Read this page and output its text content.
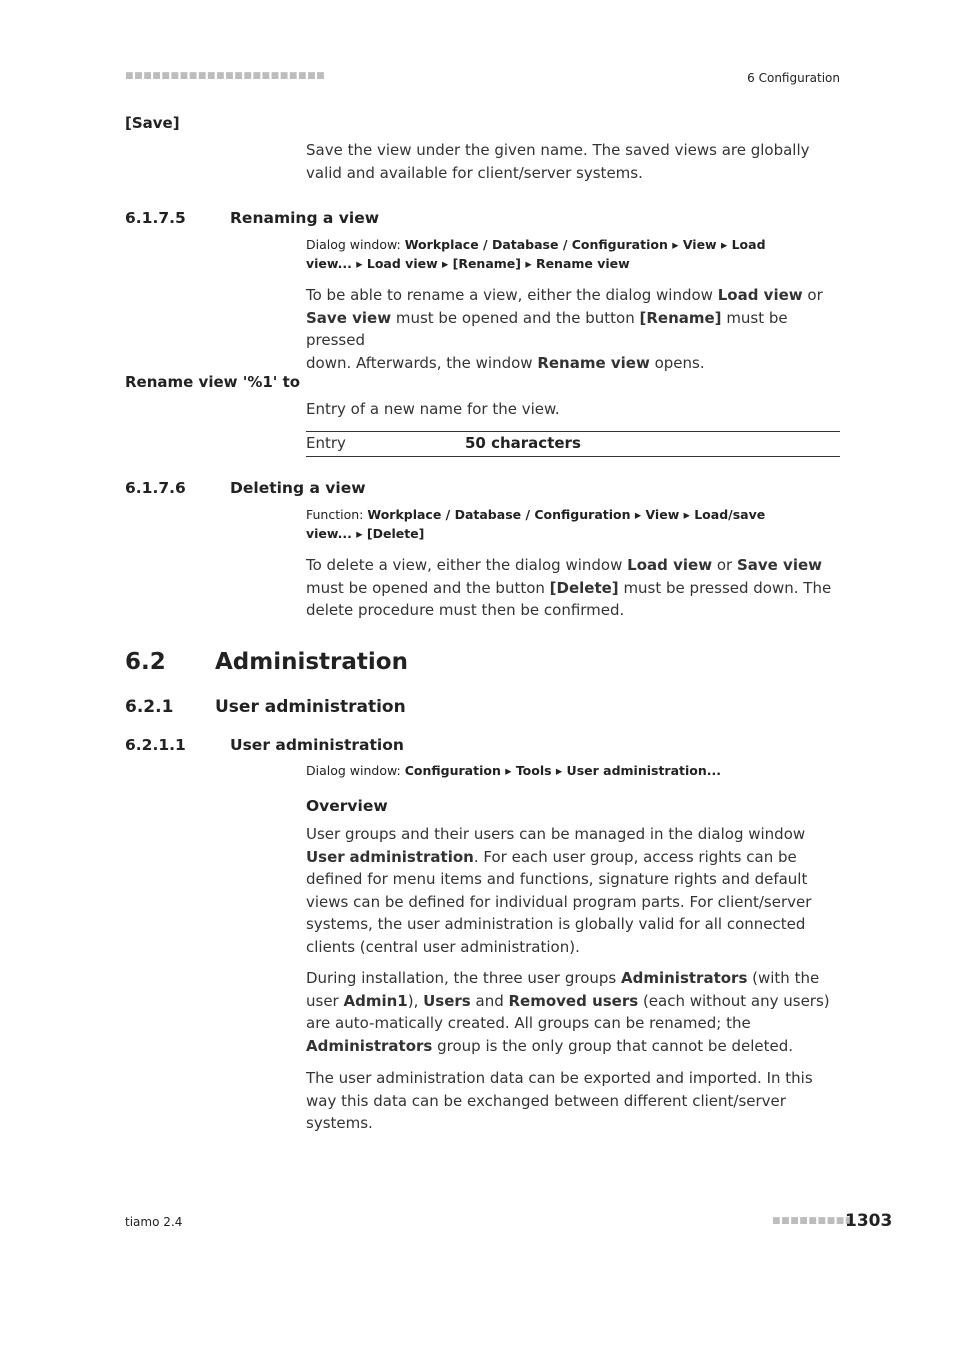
■■■■■■■■■■■■■■■■■■■■■■	6 Configuration
[Save]
Save the view under the given name. The saved views are globally valid and available for client/server systems.
6.1.7.5	Renaming a view
Dialog window: Workplace / Database / Configuration ▸ View ▸ Load
view... ▸ Load view ▸ [Rename] ▸ Rename view
To be able to rename a view, either the dialog window Load view or
Save view must be opened and the button [Rename] must be pressed
down. Afterwards, the window Rename view opens.
Rename view '%1' to
Entry of a new name for the view.
Entry	50 characters
6.1.7.6	Deleting a view
Function: Workplace / Database / Configuration ▸ View ▸ Load/save
view... ▸ [Delete]
To delete a view, either the dialog window Load view or Save view
must be opened and the button [Delete] must be pressed down. The
delete procedure must then be confirmed.
6.2 Administration
6.2.1 User administration
6.2.1.1	User administration
Dialog window: Configuration ▸ Tools ▸ User administration...
Overview
User groups and their users can be managed in the dialog window User administration. For each user group, access rights can be defined for menu items and functions, signature rights and default views can be defined for individual program parts. For client/server systems, the user administration is globally valid for all connected clients (central user administration).
During installation, the three user groups Administrators (with the user Admin1), Users and Removed users (each without any users) are auto-matically created. All groups can be renamed; the Administrators group is the only group that cannot be deleted.
The user administration data can be exported and imported. In this way this data can be exchanged between different client/server systems.
tiamo 2.4	■■■■■■■■■
1303
